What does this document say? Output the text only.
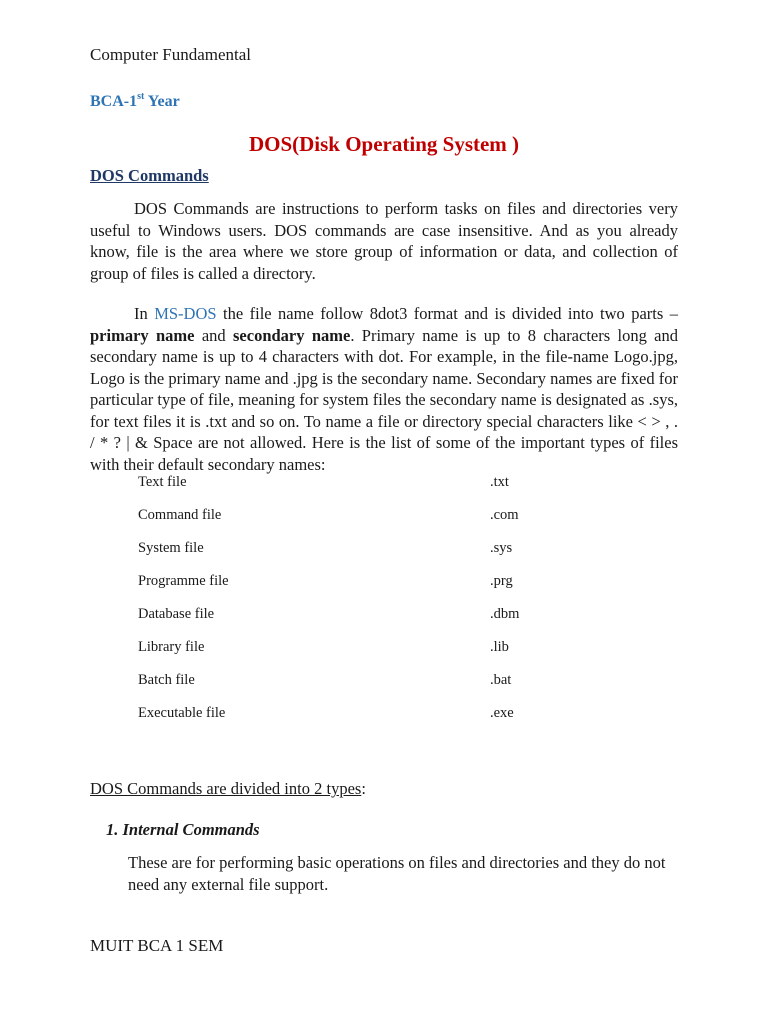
Computer Fundamental
BCA-1st Year
DOS(Disk Operating System )
DOS Commands
DOS Commands are instructions to perform tasks on files and directories very useful to Windows users. DOS commands are case insensitive. And as you already know, file is the area where we store group of information or data, and collection of group of files is called a directory.
In MS-DOS the file name follow 8dot3 format and is divided into two parts – primary name and secondary name. Primary name is up to 8 characters long and secondary name is up to 4 characters with dot. For example, in the file-name Logo.jpg, Logo is the primary name and .jpg is the secondary name. Secondary names are fixed for particular type of file, meaning for system files the secondary name is designated as .sys, for text files it is .txt and so on. To name a file or directory special characters like < > , . / * ? | & Space are not allowed. Here is the list of some of the important types of files with their default secondary names:
Text file	.txt
Command file	.com
System file	.sys
Programme file	.prg
Database file	.dbm
Library file	.lib
Batch file	.bat
Executable file	.exe
DOS Commands are divided into 2 types:
1. Internal Commands
These are for performing basic operations on files and directories and they do not need any external file support.
MUIT BCA 1 SEM
